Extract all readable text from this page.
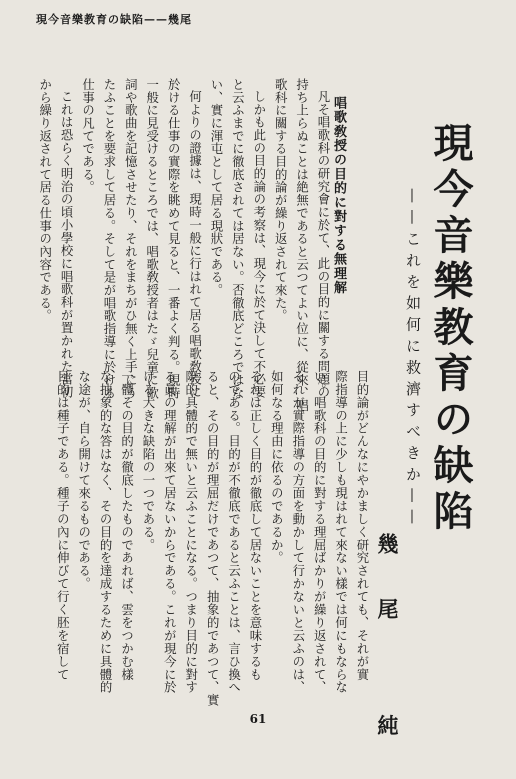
現今音樂教育の缺陷——幾尾
現今音樂教育の缺陷
——これを如何に救濟すべきか——
唱歌敎授の目的に對する無理解

凡そ唱歌科の研究會に於て、此の目的に關する問題の

持ち上らぬことは絶無であると云つてよい位に、從來、唱

歌科に關する目的論が繰り返されて來た。

しかも此の目的論の考察は、現今に於て決して不必要

と云ふまでに徹底されては居ない。否徹底どころではな

い、實に渾屯として居る現狀である。

何よりの證據は、現時一般に行はれて居る唱歌敎授に

於ける仕事の實際を眺めて見ると、一番よく判る。現時

一般に見受けるところでは、唱歌敎授者はたゞ兒童に歌

詞や歌曲を記憶させたり、それをまちがひ無く上手にう

たふことを要求して居る。そして是が唱歌指導に於ける

仕事の凡てである。

これは恐らく明治の頃小學校に唱歌科が置かれた當初

から繰り返されて居る仕事の內容である。

目的論がどんなにやかましく研究されても、それが實

際指導の上に少しも現はれて來ない樣では何にもならな

い。唱歌科の目的に對する理屈ばかりが繰り返されて、

それが實際指導の方面を動かして行かないと云ふのは、

如何なる理由に依るのであるか。

それは正しく目的が徹底して居ないことを意味するも

のである。目的が不徹底であると云ふことは、言ひ換へ

ると、その目的が理屈だけであつて、抽象的であつて、實

際的具體的で無いと云ふことになる。つまり目的に對す

る眞の理解が出來て居ないからである。これが現今に於

ける大きな缺陷の一つである。

一體その目的が徹底したものであれば、雲をつかむ樣

な抽象的な答はなく、その目的を達成するために具體的

な途が、自ら開けて來るものである。

目的は種子である。種子の內に伸びて行く胚を宿して	幾尾 純
61
